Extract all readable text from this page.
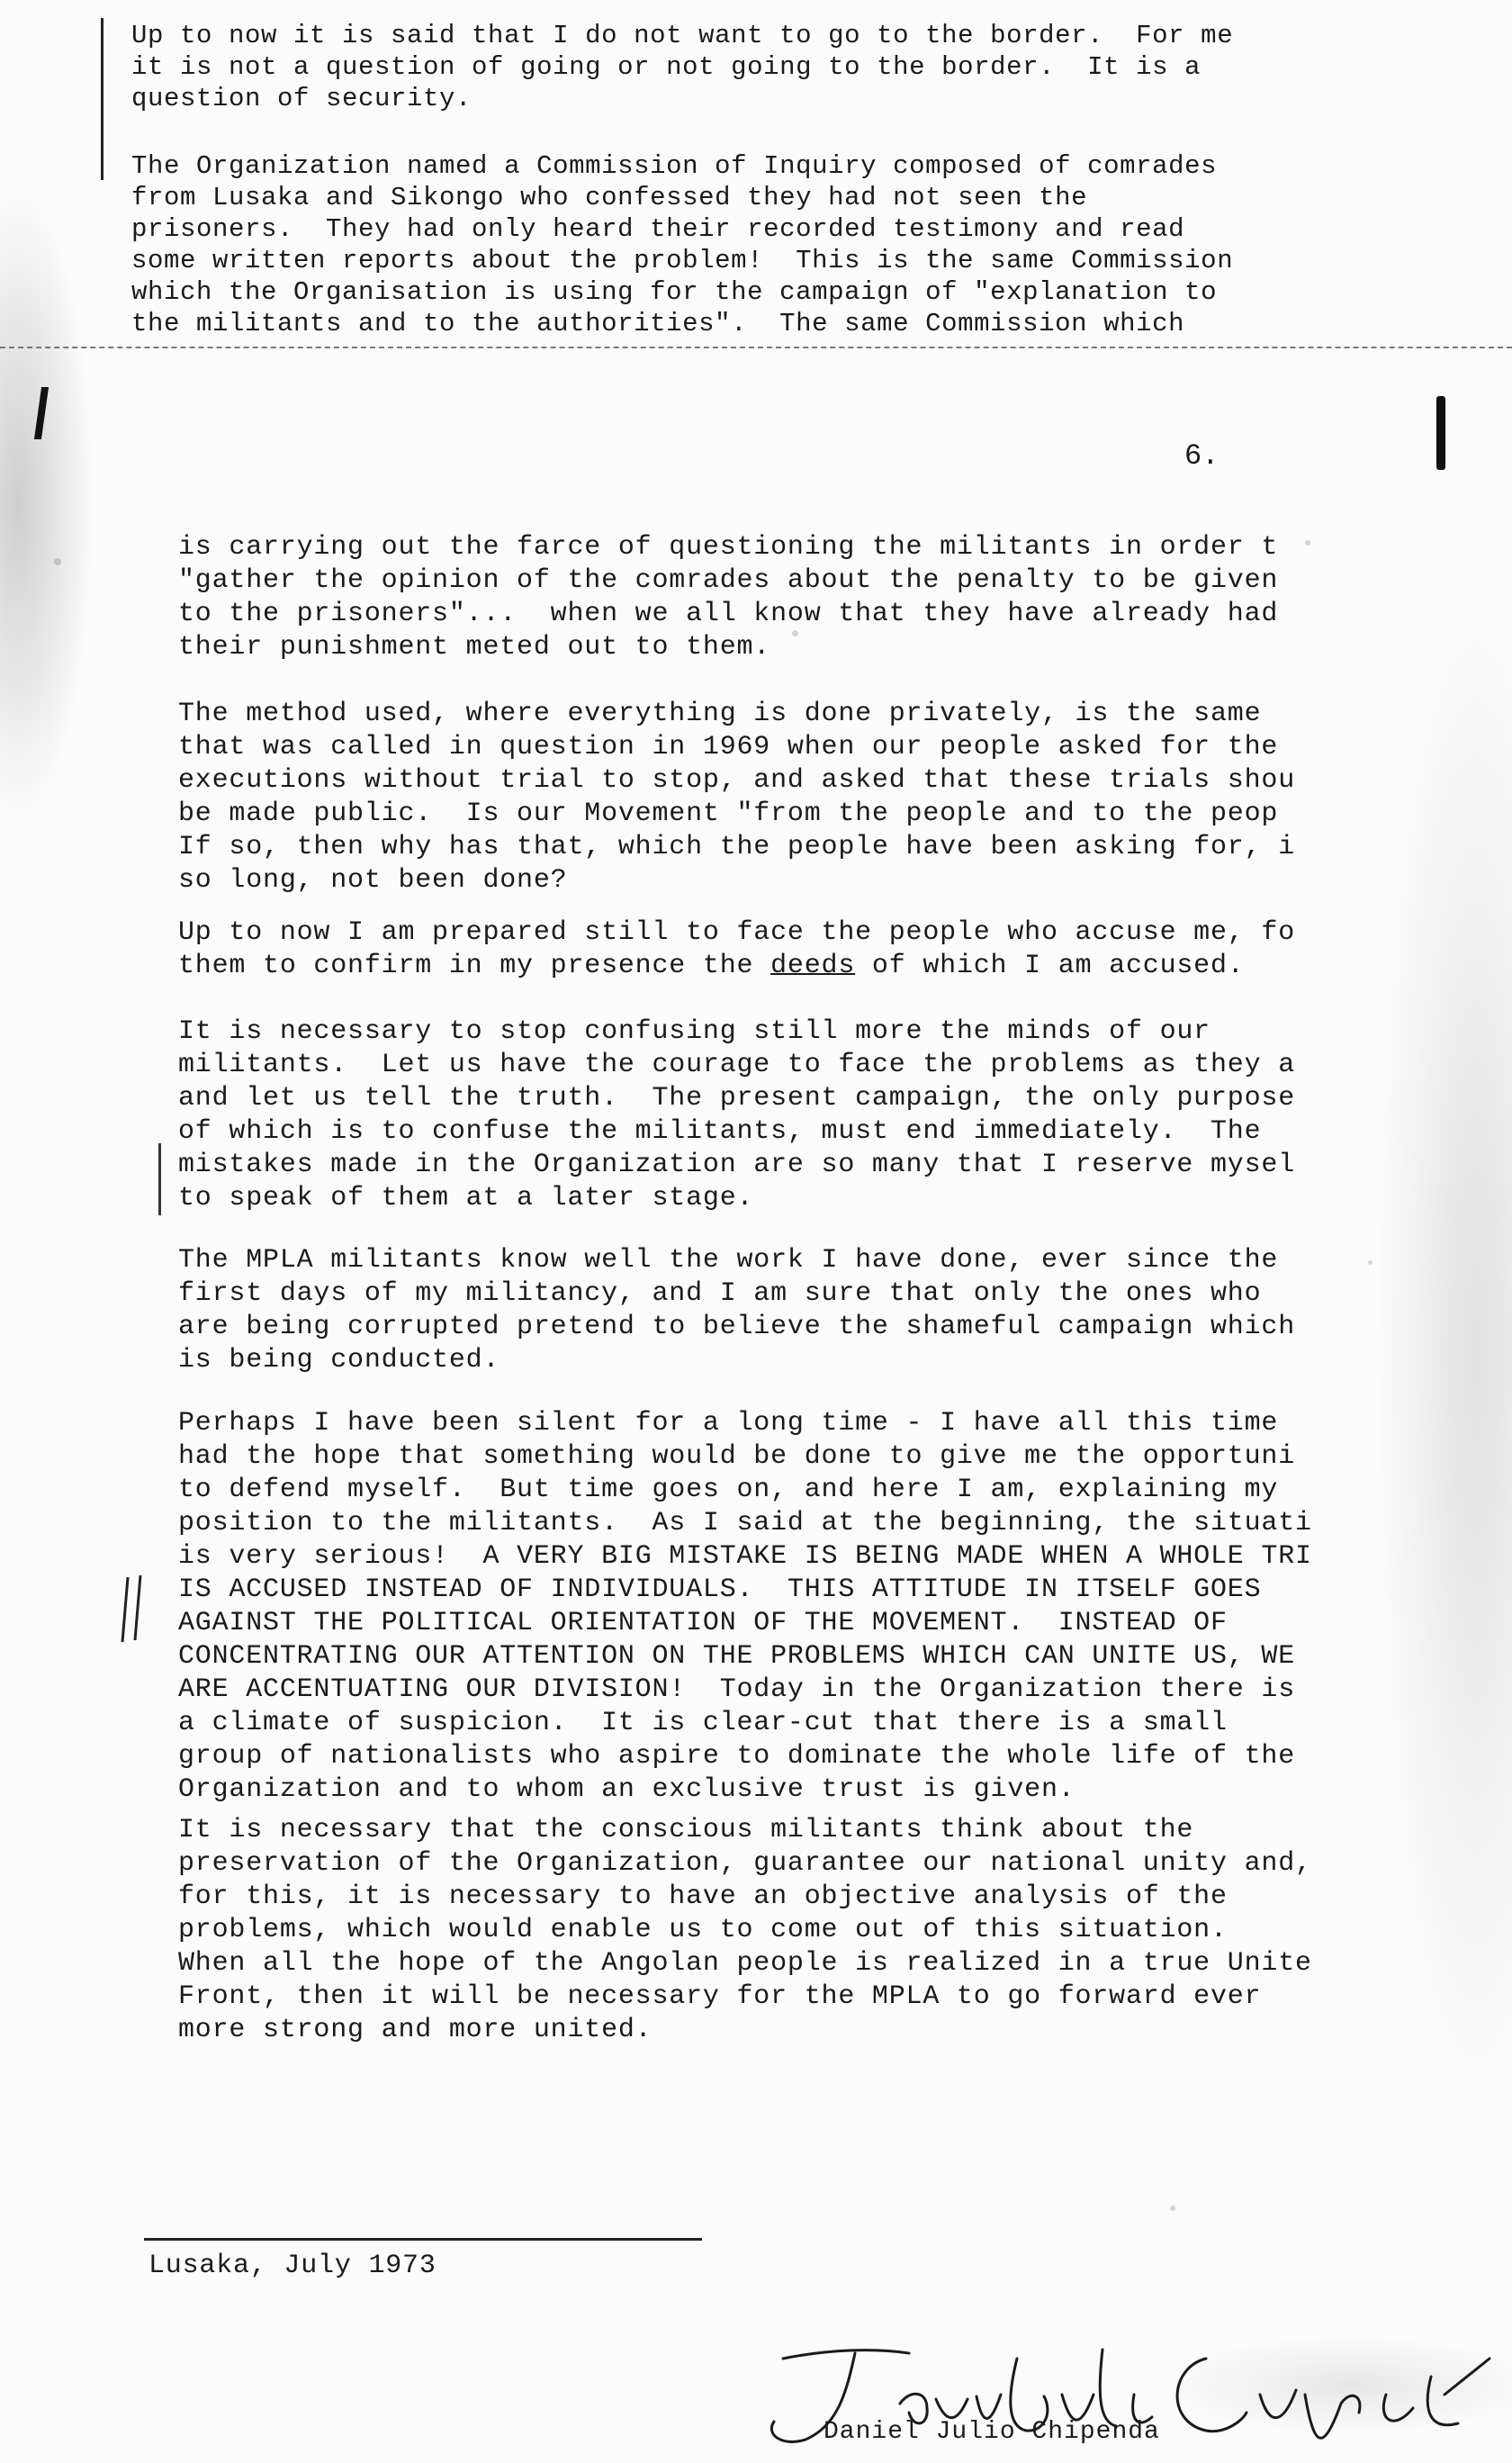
Up to now it is said that I do not want to go to the border.  For me

it is not a question of going or not going to the border.  It is a

question of security.

The Organization named a Commission of Inquiry composed of comrades

from Lusaka and Sikongo who confessed they had not seen the

prisoners.  They had only heard their recorded testimony and read

some written reports about the problem!  This is the same Commission

which the Organisation is using for the campaign of "explanation to

the militants and to the authorities".  The same Commission which

6.

is carrying out the farce of questioning the militants in order t
"gather the opinion of the comrades about the penalty to be given
to the prisoners"...  when we all know that they have already had
their punishment meted out to them.

The method used, where everything is done privately, is the same
that was called in question in 1969 when our people asked for the
executions without trial to stop, and asked that these trials shou
be made public.  Is our Movement "from the people and to the peop
If so, then why has that, which the people have been asking for, i
so long, not been done?

Up to now I am prepared still to face the people who accuse me, fo
them to confirm in my presence the deeds of which I am accused.

It is necessary to stop confusing still more the minds of our
militants.  Let us have the courage to face the problems as they a
and let us tell the truth.  The present campaign, the only purpose
of which is to confuse the militants, must end immediately.  The
mistakes made in the Organization are so many that I reserve mysel
to speak of them at a later stage.

The MPLA militants know well the work I have done, ever since the
first days of my militancy, and I am sure that only the ones who
are being corrupted pretend to believe the shameful campaign which
is being conducted.

Perhaps I have been silent for a long time - I have all this time
had the hope that something would be done to give me the opportuni
to defend myself.  But time goes on, and here I am, explaining my
position to the militants.  As I said at the beginning, the situati
is very serious! A VERY BIG MISTAKE IS BEING MADE WHEN A WHOLE TRI
IS ACCUSED INSTEAD OF INDIVIDUALS.  THIS ATTITUDE IN ITSELF GOES
AGAINST THE POLITICAL ORIENTATION OF THE MOVEMENT.  INSTEAD OF
CONCENTRATING OUR ATTENTION ON THE PROBLEMS WHICH CAN UNITE US, WE
ARE ACCENTUATING OUR DIVISION! Today in the Organization there is
a climate of suspicion.  It is clear-cut that there is a small
group of nationalists who aspire to dominate the whole life of the
Organization and to whom an exclusive trust is given.

It is necessary that the conscious militants think about the
preservation of the Organization, guarantee our national unity and,
for this, it is necessary to have an objective analysis of the
problems, which would enable us to come out of this situation.
When all the hope of the Angolan people is realized in a true Unite
Front, then it will be necessary for the MPLA to go forward ever
more strong and more united.

Lusaka, July 1973

Daniel Julio Chipenda
